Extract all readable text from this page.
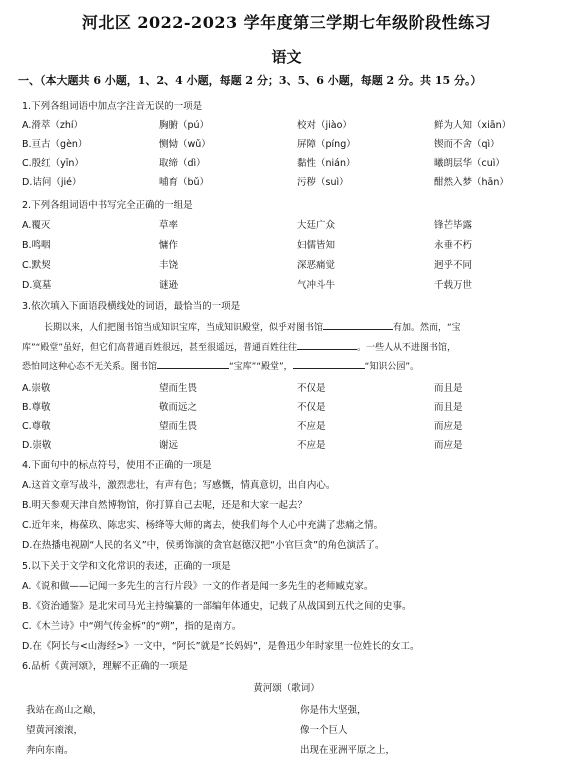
河北区 2022-2023 学年度第三学期七年级阶段性练习
语文
一、（本大题共 6 小题，1、2、4 小题，每题 2 分；3、5、6 小题，每题 2 分。共 15 分。）
1.下列各组词语中加点字注音无误的一项是
A.滑萃（zhí）	胸腑（pú）	校对（jiào）	鲜为人知（xiān）
B.亘古（gèn）	恻恸（wǔ）	屏障（píng）	锲而不舍（qì）
C.殷红（yīn）	取缔（dì）	黏性（nián）	曦朗层华（cuì）
D.诘问（jié）	哺育（bǔ）	污秽（suì）	酣然入梦（hān）
2.下列各组词语中书写完全正确的一组是
A.覆灭	草率	大廷广众	锋芒毕露
B.鸣咽	慵作	妇儒皆知	永垂不朽
C.默契	丰饶	深恶痛觉	迥乎不同
D.寞墓	谜逊	气冲斗牛	千载万世
3.依次填入下面语段横线处的词语，最恰当的一项是
长期以来，人们把图书馆当成知识宝库，当成知识殿堂，似乎对图书馆	有加。然而，“宝
库”“殿堂”虽好，但它们高普通百姓很远，甚至很遥远，普通百姓往往	。一些人从不进图书馆，
恐怕同这种心态不无关系。图书馆	“宝库”“殿堂”，	“知识公园”。
A.崇敬	望而生畏	不仅是	而且是
B.尊敬	敬而远之	不仅是	而且是
C.尊敬	望而生畏	不应是	而应是
D.崇敬	谢远	不应是	而应是
4.下面句中的标点符号，使用不正确的一项是
A.这首文章写战斗，激烈悲壮，有声有色；写感慨，情真意切，出自内心。
B.明天参观天津自然博物馆，你打算自己去呢，还是和大家一起去？
C.近年来，梅葆玖、陈忠实、杨绛等大师的离去，使我们每个人心中充满了悲痛之情。
D.在热播电视剧“人民的名义”中，侯勇饰演的贪官赵德汉把“小官巨贪”的角色演活了。
5.以下关于文学和文化常识的表述，正确的一项是
A.《说和做——记闻一多先生的言行片段》一文的作者是闻一多先生的老师臧克家。
B.《资治通鉴》是北宋司马光主持编纂的一部编年体通史，记载了从战国到五代之间的史事。
C.《木兰诗》中“朔气传金柝”的“朔”，指的是南方。
D.在《阿长与<山海经>》一文中，“阿长”就是“长妈妈”，是鲁迅少年时家里一位姓长的女工。
6.品析《黄河颂》，理解不正确的一项是
黄河颂（歌词）
我站在高山之巅，
望黄河滚滚，
奔向东南。
你是伟大坚强，
像一个巨人
出现在亚洲平原之上，
